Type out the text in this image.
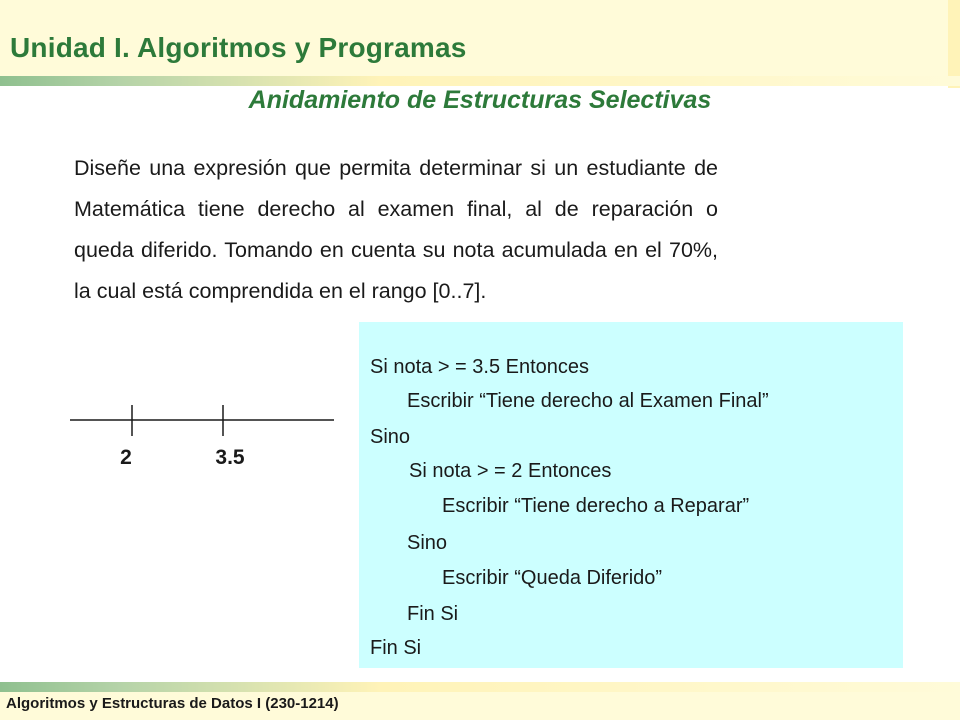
Unidad I. Algoritmos y Programas
Anidamiento de Estructuras Selectivas
Diseñe una expresión que permita determinar si un estudiante de Matemática tiene derecho al examen final, al de reparación o queda diferido. Tomando en cuenta su nota acumulada en el 70%, la cual está comprendida en el rango [0..7].
2	3.5
Si nota > = 3.5 Entonces
Escribir “Tiene derecho al Examen Final”
Sino
Si nota > = 2 Entonces
Escribir “Tiene derecho a Reparar”
Sino
Escribir “Queda Diferido”
Fin Si
Fin Si
Algoritmos y Estructuras de Datos I (230-1214)
